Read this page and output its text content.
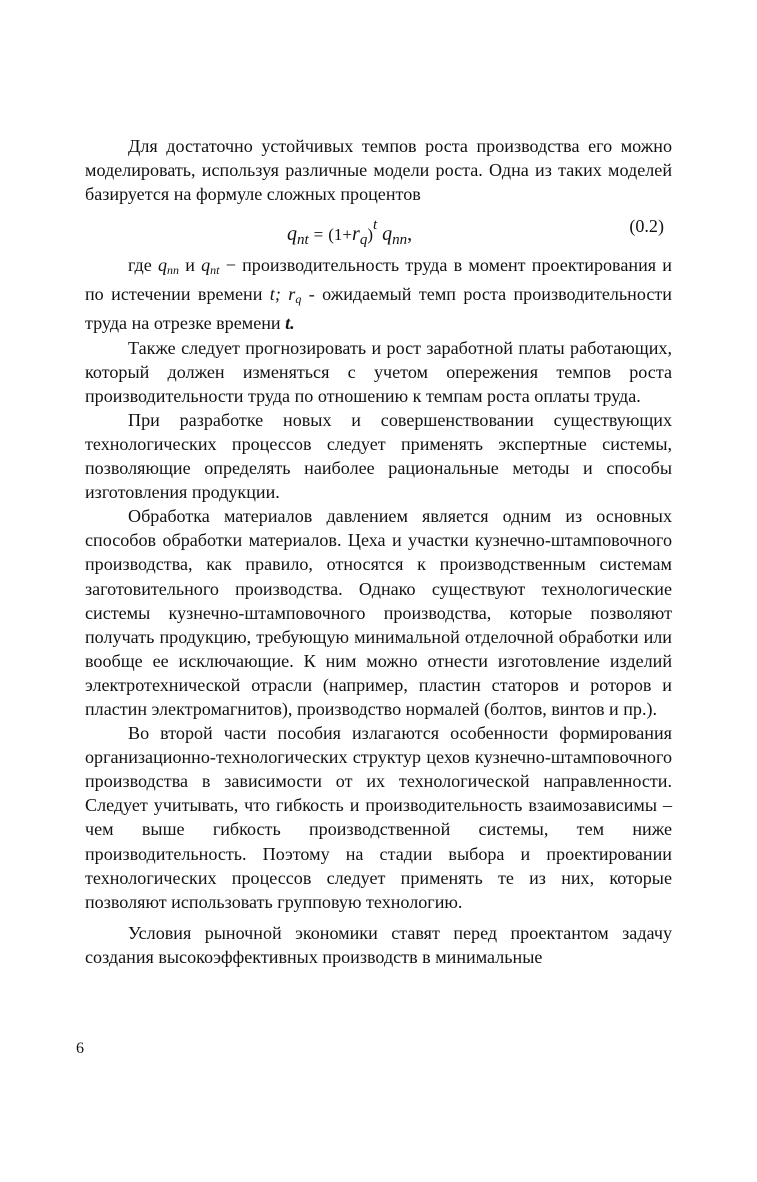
Для достаточно устойчивых темпов роста производства его можно моделировать, используя различные модели роста. Одна из таких моделей базируется на формуле сложных процентов

$q_{nt} = (1+r_q)^t$ $q_{nn}$,	(0.2)

где qпп и qпt − производительность труда в момент проектирования и по истечении времени t; rq - ожидаемый темп роста производительности труда на отрезке времени t.

Также следует прогнозировать и рост заработной платы работающих, который должен изменяться с учетом опережения темпов роста производительности труда по отношению к темпам роста оплаты труда.

При разработке новых и совершенствовании существующих технологических процессов следует применять экспертные системы, позволяющие определять наиболее рациональные методы и способы изготовления продукции.

Обработка материалов давлением является одним из основных способов обработки материалов. Цеха и участки кузнечно-штамповочного производства, как правило, относятся к производственным системам заготовительного производства. Однако существуют технологические системы кузнечно-штамповочного производства, которые позволяют получать продукцию, требующую минимальной отделочной обработки или вообще ее исключающие. К ним можно отнести изготовление изделий электротехнической отрасли (например, пластин статоров и роторов и пластин электромагнитов), производство нормалей (болтов, винтов и пр.).

Во второй части пособия излагаются особенности формирования организационно-технологических структур цехов кузнечно-штамповочного производства в зависимости от их технологической направленности. Следует учитывать, что гибкость и производительность взаимозависимы – чем выше гибкость производственной системы, тем ниже производительность. Поэтому на стадии выбора и проектировании технологических процессов следует применять те из них, которые позволяют использовать групповую технологию.

Условия рыночной экономики ставят перед проектантом задачу создания высокоэффективных производств в минимальные

6
